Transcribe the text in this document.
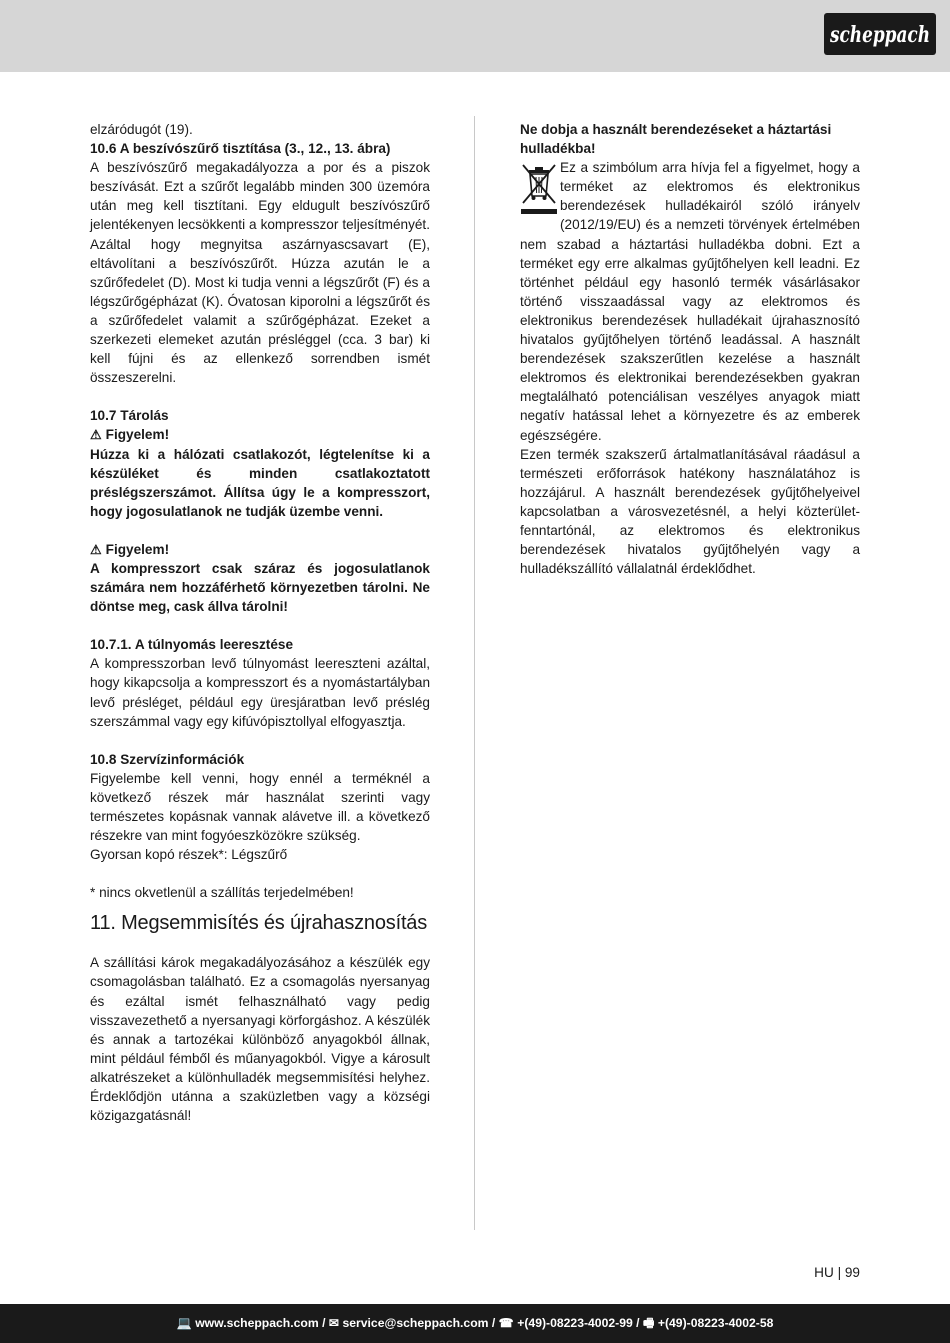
scheppach

elzáródugót (19).

10.6 A beszívószűrő tisztítása (3., 12., 13. ábra)

A beszívószűrő megakadályozza a por és a piszok beszívását. Ezt a szűrőt legalább minden 300 üzemóra után meg kell tisztítani. Egy eldugult beszívószűrő jelentékenyen lecsökkenti a kompresszor teljesítményét. Azáltal hogy megnyitsa aszárnyascsavart (E), eltávolítani a beszívószűrőt. Húzza azután le a szűrőfedelet (D). Most ki tudja venni a légszűrőt (F) és a légszűrőgépházat (K). Óvatosan kiporolni a légszűrőt és a szűrőfedelet valamit a szűrőgépházat. Ezeket a szerkezeti elemeket azután présléggel (cca. 3 bar) ki kell fújni és az ellenkező sorrendben ismét összeszerelni.

10.7 Tárolás

⚠ Figyelem!

Húzza ki a hálózati csatlakozót, légtelenítse ki a készüléket és minden csatlakoztatott préslégszerszámot. Állítsa úgy le a kompresszort, hogy jogosulatlanok ne tudják üzembe venni.

⚠ Figyelem!

A kompresszort csak száraz és jogosulatlanok számára nem hozzáférhető környezetben tárolni. Ne döntse meg, cask állva tárolni!

10.7.1. A túlnyomás leeresztése

A kompresszorban levő túlnyomást leereszteni azáltal, hogy kikapcsolja a kompresszort és a nyomástartályban levő présléget, például egy üresjáratban levő préslég szerszámmal vagy egy kifúvópisztollyal elfogyasztja.

10.8 Szervízinformációk

Figyelembe kell venni, hogy ennél a terméknél a következő részek már használat szerinti vagy természetes kopásnak vannak alávetve ill. a következő részekre van mint fogyóeszközökre szükség.

Gyorsan kopó részek*: Légszűrő

* nincs okvetlenül a szállítás terjedelmében!

11. Megsemmisítés és újrahasznosítás

A szállítási károk megakadályozásához a készülék egy csomagolásban található. Ez a csomagolás nyersanyag és ezáltal ismét felhasználható vagy pedig visszavezethető a nyersanyagi körforgáshoz. A készülék és annak a tartozékai különböző anyagokból állnak, mint például fémből és műanyagokból. Vigye a károsult alkatrészeket a különhulladék megsemmisítési helyhez. Érdeklődjön utánna a szaküzletben vagy a községi közigazgatásnál!

Ne dobja a használt berendezéseket a háztartási hulladékba!

Ez a szimbólum arra hívja fel a figyelmet, hogy a terméket az elektromos és elektronikus berendezések hulladékairól szóló irányelv (2012/19/EU) és a nemzeti törvények értelmében nem szabad a háztartási hulladékba dobni. Ezt a terméket egy erre alkalmas gyűjtőhelyen kell leadni. Ez történhet például egy hasonló termék vásárlásakor történő visszaadással vagy az elektromos és elektronikus berendezések hulladékait újrahasznosító hivatalos gyűjtőhelyen történő leadással. A használt berendezések szakszerűtlen kezelése a használt elektromos és elektronikai berendezésekben gyakran megtalálható potenciálisan veszélyes anyagok miatt negatív hatással lehet a környezetre és az emberek egészségére.

Ezen termék szakszerű ártalmatlanításával ráadásul a természeti erőforrások hatékony használatához is hozzájárul. A használt berendezések gyűjtőhelyeivel kapcsolatban a városvezetésnél, a helyi közterület-fenntartónál, az elektromos és elektronikus berendezések hivatalos gyűjtőhelyén vagy a hulladékszállító vállalatnál érdeklődhet.

HU | 99
💻 www.scheppach.com / ✉ service@scheppach.com / ☎ +(49)-08223-4002-99 / 🖷 +(49)-08223-4002-58
